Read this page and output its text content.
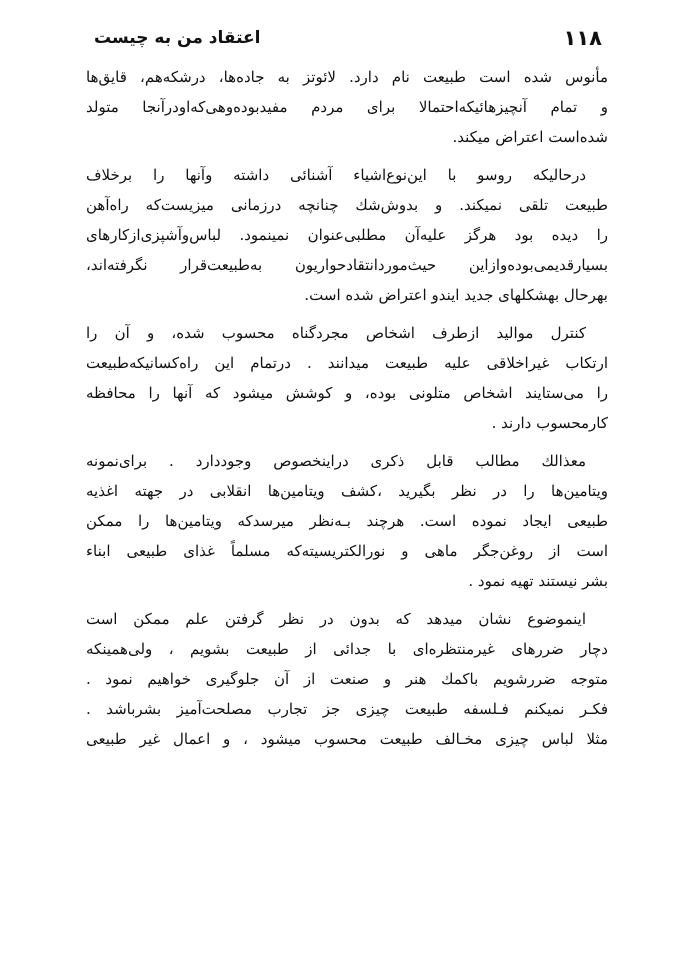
۱۱۸
اعتقاد من به چیست
مأنوس شده است طبیعت نام دارد. لائوتز به جاده‌ها، درشکه‌هم، قایق‌ها
و تمام آنچیزهائیکه‌احتمالا برای مردم مفیدبوده‌وهی‌که‌اودرآنجا متولد
شده‌است اعتراض میکند.
درحالیکه روسو با این‌نوع‌اشیاء آشنائی داشته وآنها را برخلاف
طبیعت تلقی نمیکند. و بدوش‌شك چنانچه درزمانی میزیست‌که راه‌آهن
را دیده بود هرگز علیه‌آن مطلبی‌عنوان نمینمود. لباس‌وآشپزی‌ازکارهای
بسیارقدیمی‌بوده‌وازاین حیث‌مورد‌انتقادحواریون به‌طبیعت‌قرار نگرفته‌اند،
بهرحال بهشکلهای جدید ایندو اعتراض شده است.
کنترل موالید ازطرف اشخاص مجردگناه محسوب شده، و آن را
ارتکاب غیراخلاقی علیه طبیعت میدانند . درتمام این راه‌کسانیکه‌طبیعت
را می‌ستایند اشخاص متلونی بوده، و کوشش میشود که آنها را محافظه
کارمحسوب دارند .
معذالك مطالب قابل ذکری دراینخصوص وجوددارد . برای‌نمونه
ویتامین‌ها را در نظر بگیرید ،کشف ویتامین‌ها انقلابی در جهته اغذیه
طبیعی ایجاد نموده است. هرچند بـه‌نظر میرسدکه ویتامین‌ها را ممکن
است از روغن‌جگر ماهی و نورالکتریسیته‌که مسلماً غذای طبیعی ابناء
بشر نیستند تهیه نمود .
اینموضوع نشان میدهد که بدون در نظر گرفتن علم ممکن است
دچار ضررهای غیرمنتظره‌ای با جدائی از طبیعت بشویم ، ولی‌همینکه
متوجه ضررشویم باکمك هنر و صنعت از آن جلوگیری خواهیم نمود .
فکـر نمیکنم فـلسفه طبیعت چیزی جز تجارب مصلحت‌آمیز بشرباشد .
مثلا لباس چیزی مخـالف طبیعت محسوب میشود ، و اعمال غیر طبیعی
